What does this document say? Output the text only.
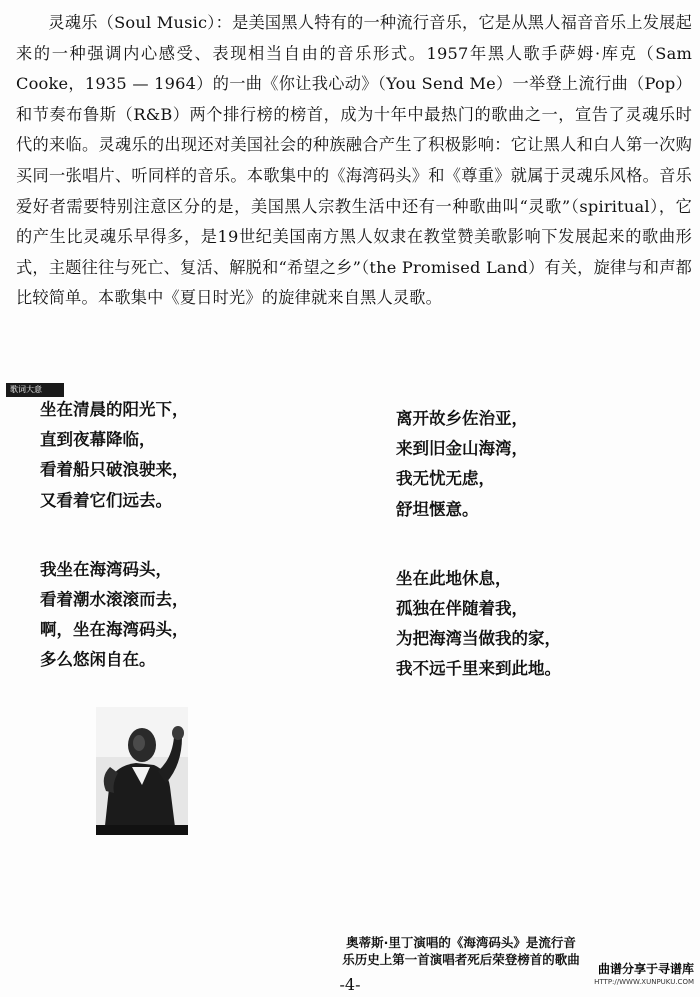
灵魂乐（Soul Music）：是美国黑人特有的一种流行音乐，它是从黑人福音音乐上发展起来的一种强调内心感受、表现相当自由的音乐形式。1957年黑人歌手萨姆·库克（Sam Cooke，1935 — 1964）的一曲《你让我心动》（You Send Me）一举登上流行曲（Pop）和节奏布鲁斯（R&B）两个排行榜的榜首，成为十年中最热门的歌曲之一，宣告了灵魂乐时代的来临。灵魂乐的出现还对美国社会的种族融合产生了积极影响：它让黑人和白人第一次购买同一张唱片、听同样的音乐。本歌集中的《海湾码头》和《尊重》就属于灵魂乐风格。音乐爱好者需要特别注意区分的是，美国黑人宗教生活中还有一种歌曲叫“灵歌”（spiritual），它的产生比灵魂乐早得多，是19世纪美国南方黑人奴隶在教堂赞美歌影响下发展起来的歌曲形式，主题往往与死亡、复活、解脱和“希望之乡”（the Promised Land）有关，旋律与和声都比较简单。本歌集中《夏日时光》的旋律就来自黑人灵歌。

歌词大意
坐在清晨的阳光下，
直到夜幕降临，
看着船只破浪驶来，
又看着它们远去。
我坐在海湾码头，
看着潮水滚滚而去，
啊，坐在海湾码头，
多么悠闲自在。
离开故乡佐治亚，
来到旧金山海湾，
我无忧无虑，
舒坦惬意。
坐在此地休息，
孤独在伴随着我，
为把海湾当做我的家，
我不远千里来到此地。
奥蒂斯·里丁演唱的《海湾码头》是流行音
乐历史上第一首演唱者死后荣登榜首的歌曲
-4-
曲谱分享于寻谱库
HTTP://WWW.XUNPUKU.COM
